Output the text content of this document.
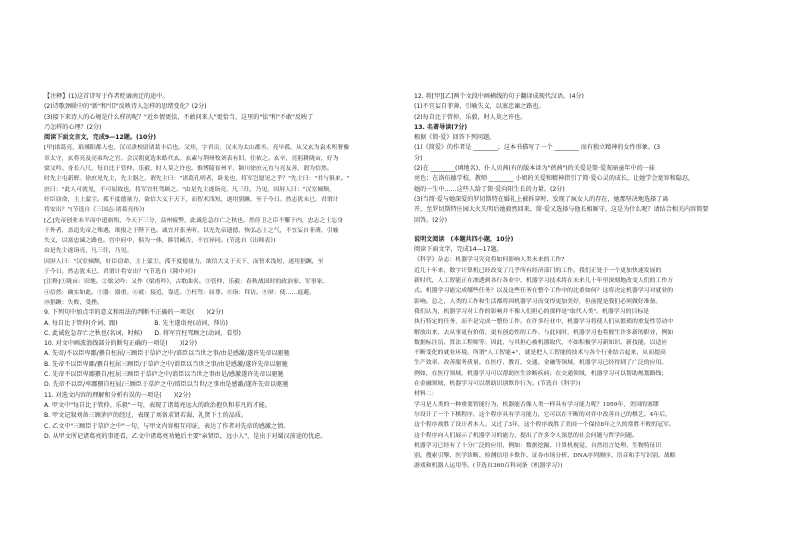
【注释】(1)这首诗写于作者贬谪南迁的途中。
(2)诗歌颈联中的"新"和"旧"反映诗人怎样的思绪变化？(2分)
(3)接下来诗人的心境是什么样的呢？"近乡情更怯，不敢问来人"更恰当，这里的"怯"和"不敢"反映了
乃怎样的心理？(2分)
阅读下面文言文，完成9—12题。(10分)
[甲]诸葛亮，琅琊阳都人也，汉司隶校尉诸葛丰后也。父珪，字君贡，汉末为太山郡丞。亮早孤，从父玄为袁术所署豫
章太守，玄将亮及亮弟均之官。会汉朝更选朱皓代玄。玄素与荆州牧刘表有旧，往依之。玄卒，亮躬耕陇亩，好为
梁父吟。身长八尺，每自比于管仲、乐毅，时人莫之许也。惟博陵崔州平、颍川徐庶元直与亮友善，谓为信然。
时先主屯新野。徐庶见先主，先主器之，谓先主曰："诸葛孔明者，卧龙也，将军岂愿见之乎？"先主曰："君与俱来。"
庶曰："此人可就见，不可屈致也。将军宜枉驾顾之。"由是先主遂诣亮，凡三往，乃见。因屏人曰："汉室倾颓，
奸臣窃命，主上蒙尘。孤不度德量力，欲信大义于天下，而智术浅短，遂用猖蹶，至于今日。然志犹未已，君谓计
将安出？"(节选自《三国志·诸葛亮传》)
[乙]先帝创业未半而中道崩殂，今天下三分，益州疲弊，此诚危急存亡之秋也。然侍卫之臣不懈于内，忠志之士忘身
于外者，盖追先帝之殊遇，欲报之于陛下也。诚宜开张圣听，以光先帝遗德，恢弘志士之气，不宜妄自菲薄，引喻
失义，以塞忠谏之路也。宫中府中，俱为一体，陟罚臧否，不宜异同。(节选自《出师表》)
由是先主遂诣亮，凡三往，乃见。
因屏人曰："汉室倾颓，奸臣窃命，主上蒙尘。孤不度德量力，欲信大义于天下，而智术浅短，遂用猖蹶，至
于今日。然志犹未已，君谓计将安出？"(节选自《隆中对》)
[注释]①陇亩：田地。②梁父吟：又作《梁甫吟》，古歌曲名。③管仲、乐毅：春秋战国时的政治家、军事家。
④信然：确实如此。⑤器：器重。⑥就：接近，靠近。⑦枉驾：屈尊。⑧诣：拜访。⑨屏：使……退避。
⑩猖蹶：失败，受挫。
9. 下列句中加点字的意义和用法的判断不正确的一项是(　　)(2分)
A. 每自比于管仲(介词，跟)　　　　　　B. 先主遂诣亮(动词，拜访)
C. 此诚危急存亡之秋也(名词，时候)　　D. 将军宜枉驾顾之(动词，看望)
10. 对文中画波浪线部分的断句正确的一项是(　　)(2分)
A. 先帝/不以臣卑鄙/猥自枉屈/三顾臣于草庐之中/谘臣以当世之事/由是感激/遂许先帝以驱驰
B. 先帝不以臣卑鄙/猥自枉屈三顾臣/于草庐之中/谘臣以当世之事/由是感激/遂许先帝以驱驰
C. 先帝不以臣卑鄙猥自/枉屈三顾臣于草庐之中/谘臣以当世之事由是/感激遂许先帝以驱驰
D. 先帝不以臣/卑鄙猥自枉屈/三顾臣于草庐之中/谘臣以当世/之事由是感激/遂许先帝以驱驰
11. 对选文内容的理解和分析有误的一项是(　　)(2分)
A. 甲文中"每自比于管仲、乐毅"一句，表现了诸葛亮远大的政治抱负和非凡的才能。
B. 甲文记叙刘备三顾茅庐的经过，表现了刘备求贤若渴、礼贤下士的品质。
C. 乙文中"三顾臣于草庐之中"一句，与甲文内容相互印证，表达了作者对先帝的感激之情。
D. 从甲文所记诸葛亮的事迹看，乙文中诸葛亮劝勉后主要"亲贤臣，远小人"，是出于对蜀汉前途的忧虑。
12. 将[甲][乙]两个文段中画横线的句子翻译成现代汉语。(4分)
(1)不宜妄自菲薄，引喻失义，以塞忠谏之路也。
(2)每自比于管仲、乐毅，时人莫之许也。
13. 名著导读(7分)
根据《简·爱》回答下列问题。
(1)《简爱》的作者是 ________，这本书描写了一个 ________ 而有独立精神的女性形象。(3
分)
(2)在 ________(填地名)，仆人贝茜(有的版本译为"蓓茜")的关爱是简·爱灰暗童年中的一抹
亮色；在洛伍德学校，教师 ________ 小姐的关爱和精神指引了简·爱心灵的成长，让她学会宽容和隐忍，
她的一生中……这些人给了简·爱向阳生长的力量。(2分)
(3)当简·爱与她深爱的罗切斯特在婚礼上被拆穿时，发现了疯女人的存在，她那坚决地选择了离
开，至罗切斯特庄园大火失明后她毅然回来。简·爱又选择与他长相厮守。这是为什么呢？请结合相关内容简要
回答。(2分)
说明文阅读　(本题共四小题，10分)
阅读下面文字，完成14—17题。
《科学》杂志：机器学习究竟将如何影响人类未来的工作?
近几十年来，数字计算机已经改变了几乎所有经济部门的工作。我们正处于一个更加快速发展的
新时代，人工智能正在渗透到各行各业中，机器学习技术将在未来几十年里深刻地改变人们的工作方
式。机器学习能完成哪些任务？以及这些任务在整个工作中的比重如何？这将决定机器学习对就业的
影响。总之，人类的工作和生活都将因机器学习而变得更加美好，但前提是我们必须做好准备。
我们认为，机器学习对工作的影响并不像人们担心的那样是"取代人类"。机器学习的目标是
执行特定的任务，而不是完成一整份工作。在许多行业中，机器学习将使人们从繁琐的重复性劳动中
解放出来，去从事更有价值、更有创造性的工作。与此同时，机器学习也将催生许多新的职业，例如
数据标注员、算法工程师等。因此，与其担心被机器取代，不如积极学习新知识、新技能，以适应
不断变化的就业环境。所谓"人工智能+"，就是把人工智能的技术与各个行业结合起来，从而提高
生产效率、改善服务质量。在医疗、教育、交通、金融等领域，机器学习已经得到了广泛的应用。
例如，在医疗领域，机器学习可以帮助医生诊断疾病；在交通领域，机器学习可以帮助规划路线；
在金融领域，机器学习可以帮助识别欺诈行为。(节选自《科学》)
材料二：
学习是人类的一种重要智能行为，机器能否像人类一样具有学习能力呢？1959年，美国的塞缪
尔设计了一个下棋程序，这个程序具有学习能力，它可以在不断的对弈中改善自己的棋艺。4年后，
这个程序战胜了设计者本人。又过了3年，这个程序战胜了美国一个保持8年之久的常胜不败的冠军。
这个程序向人们展示了机器学习的能力，提出了许多令人深思的社会问题与哲学问题。
机器学习已经有了十分广泛的应用，例如：数据挖掘、计算机视觉、自然语言处理、生物特征识
别、搜索引擎、医学诊断、检测信用卡欺诈、证券市场分析、DNA序列测序、语音和手写识别、战略
游戏和机器人运用等。(节选自360百科词条《机器学习》)
